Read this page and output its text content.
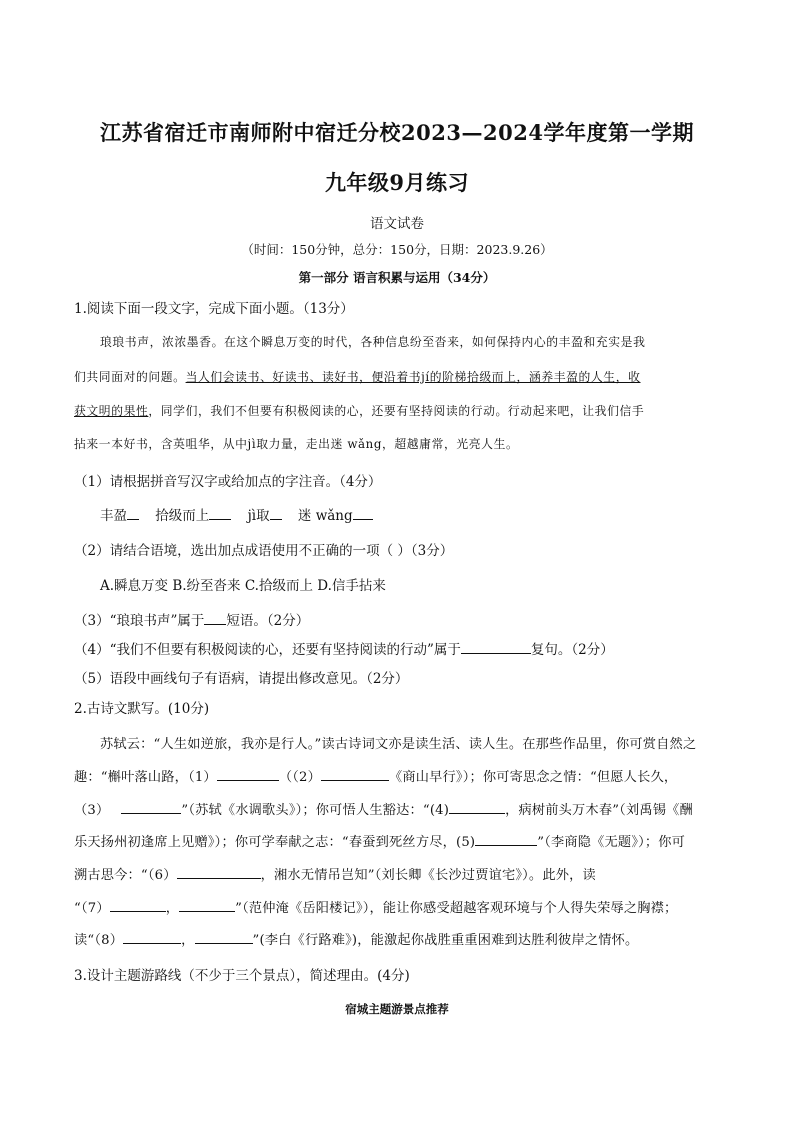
江苏省宿迁市南师附中宿迁分校2023—2024学年度第一学期
九年级9月练习
语文试卷
（时间：150分钟，总分：150分，日期：2023.9.26）
第一部分 语言积累与运用（34分）
1.阅读下面一段文字，完成下面小题。（13分）
琅琅书声，浓浓墨香。在这个瞬息万变的时代，各种信息纷至沓来，如何保持内心的丰盈和充实是我
们共同面对的问题。当人们会读书、好读书、读好书，便沿着书jí的阶梯拾级而上，涵养丰盈的人生，收
获文明的果性，同学们，我们不但要有积极阅读的心，还要有坚持阅读的行动。行动起来吧，让我们信手
拈来一本好书，含英咀华，从中jì取力量，走出迷 wǎng，超越庸常，光亮人生。
（1）请根据拼音写汉字或给加点的字注音。（4分）
丰盈 拾级而上	jì取 迷 wǎng
（2）请结合语境，选出加点成语使用不正确的一项（ ）（3分）
A.瞬息万变 B.纷至沓来 C.拾级而上 D.信手拈来
（3）“琅琅书声”属于 短语。（2分）
（4）“我们不但要有积极阅读的心，还要有坚持阅读的行动”属于	复句。（2分）
（5）语段中画线句子有语病，请提出修改意见。（2分）
2.古诗文默写。(10分)
苏轼云：“人生如逆旅，我亦是行人。”读古诗词文亦是读生活、读人生。在那些作品里，你可赏自然之
趣：“槲叶落山路，（1）	（（2）	《商山早行》）；你可寄思念之情：“但愿人长久，
（3）	”（苏轼《水调歌头》）；你可悟人生豁达：“(4)	，病树前头万木春”（刘禹锡《酬
乐天扬州初逢席上见赠》）；你可学奉献之志：“春蚕到死丝方尽，(5)	”（李商隐《无题》）；你可
溯古思今：“（6）	，湘水无情吊岂知”（刘长卿《长沙过贾谊宅》）。此外，读
“（7）	，	”（范仲淹《岳阳楼记》），能让你感受超越客观环境与个人得失荣辱之胸襟；
读“（8）	，	”(李白《行路难》)，能激起你战胜重重困难到达胜利彼岸之情怀。
3.设计主题游路线（不少于三个景点），简述理由。(4分)
宿城主题游景点推荐
